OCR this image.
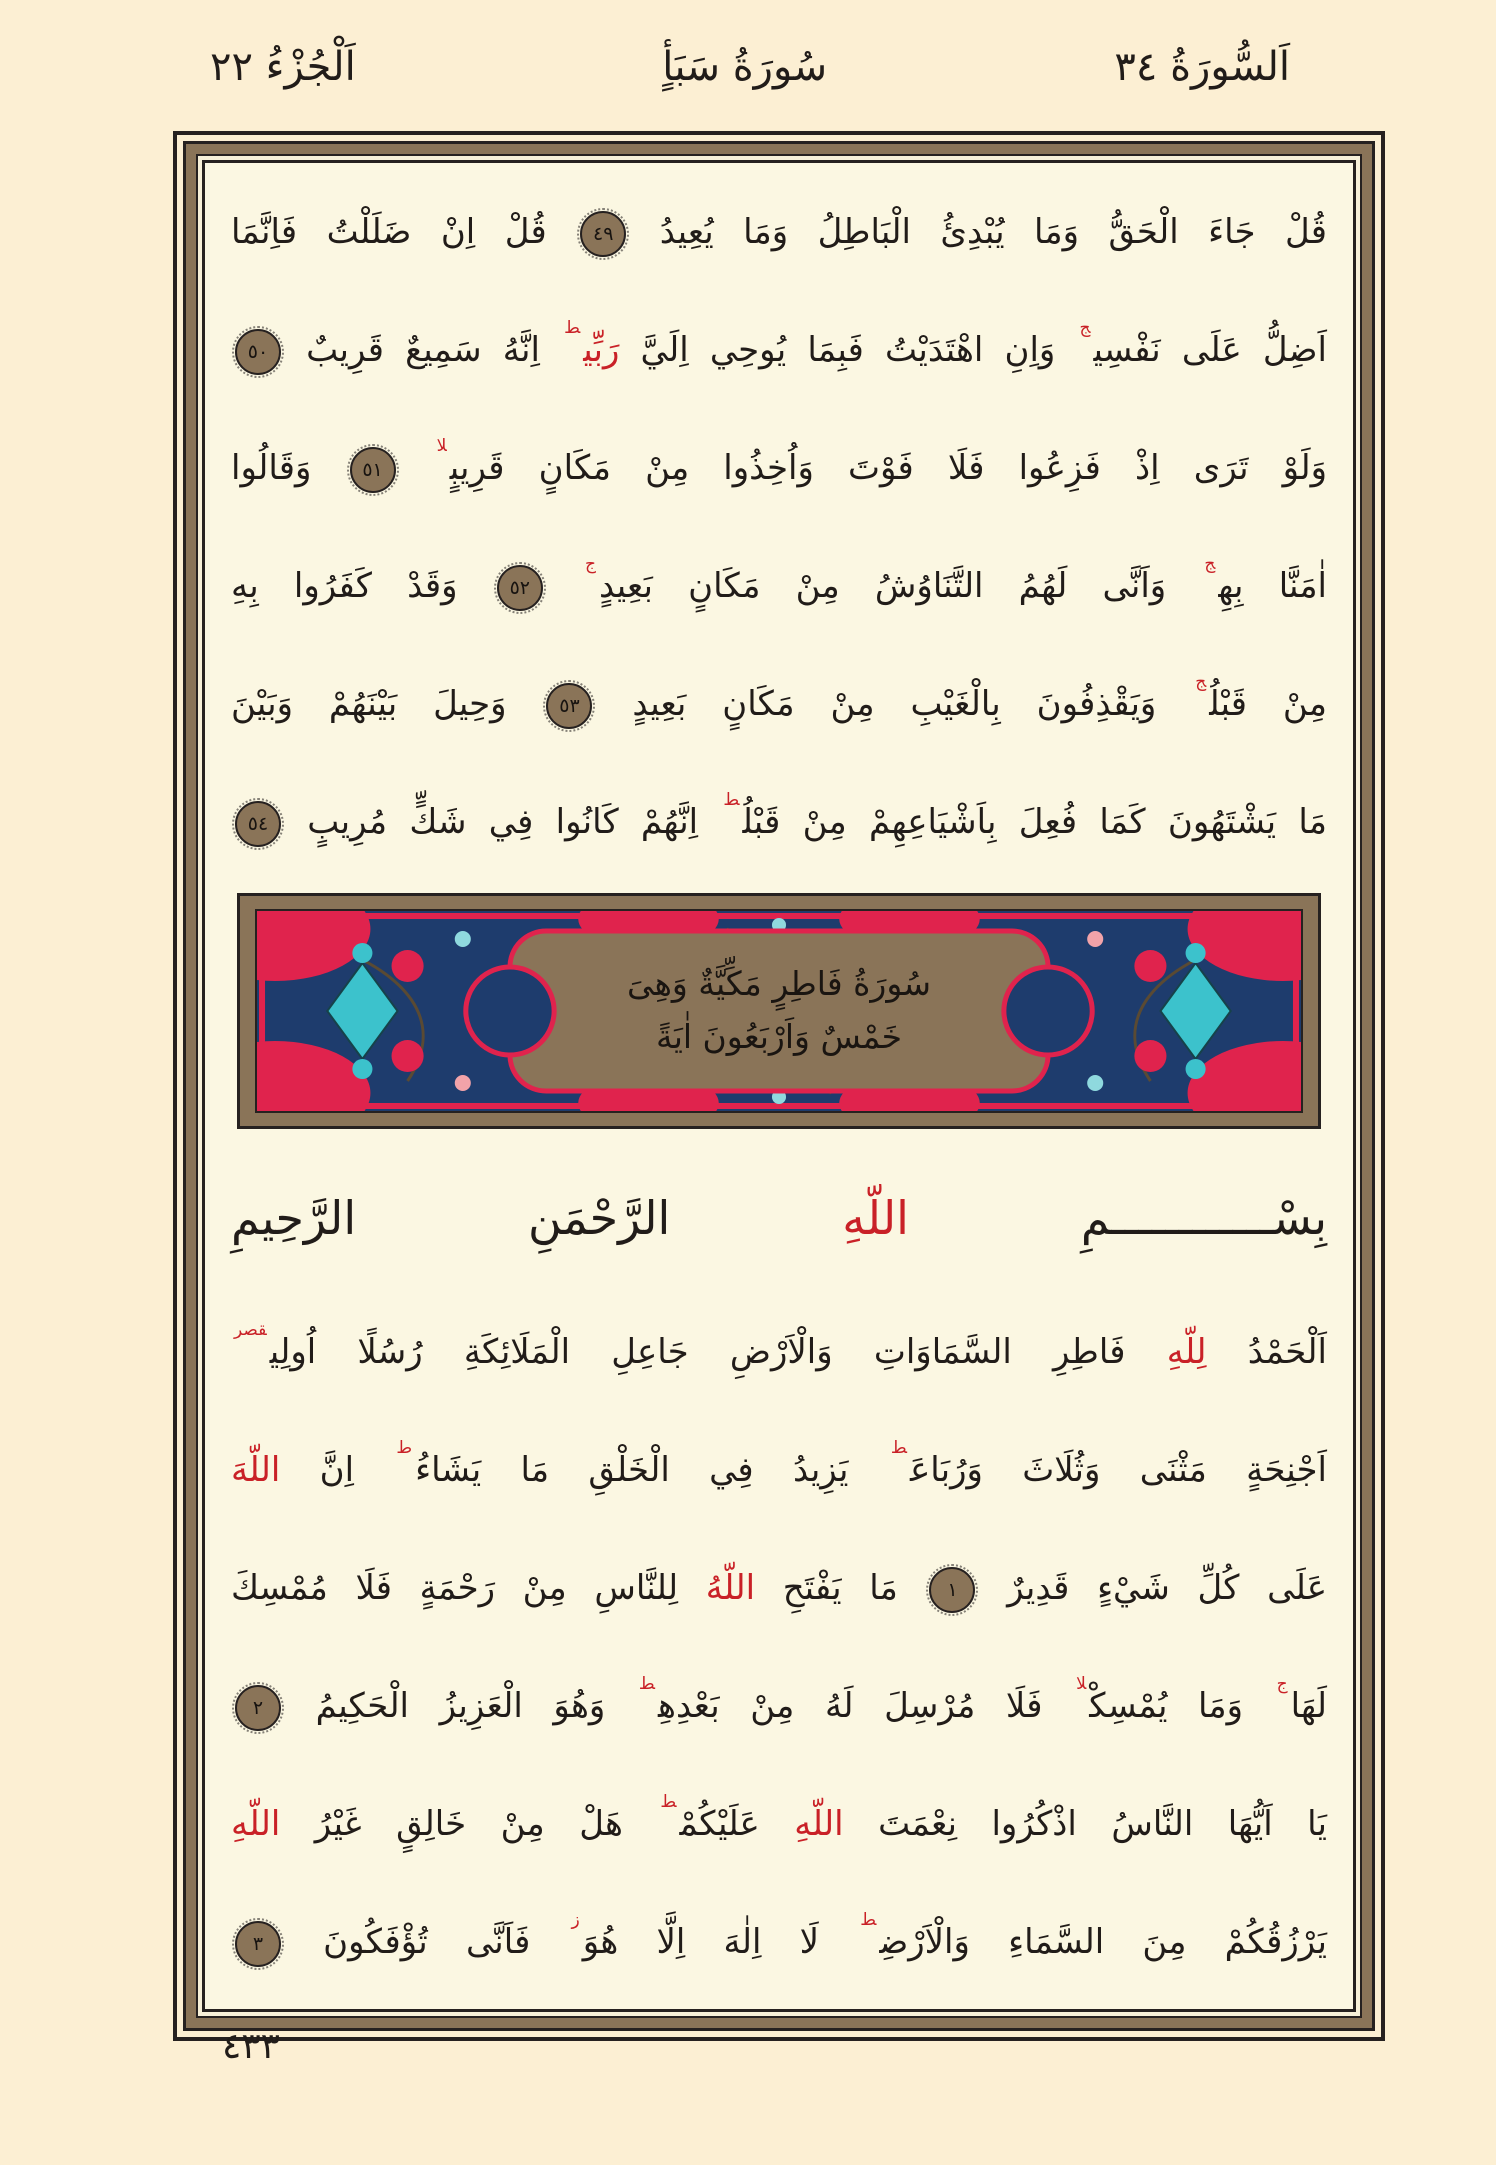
اَلسُّورَةُ ٣٤
سُورَةُ سَبَأٍ
اَلْجُزْءُ ٢٢
قُلْ جَاءَ الْحَقُّ وَمَا يُبْدِئُ الْبَاطِلُ وَمَا يُعِيدُ ٤٩ قُلْ اِنْ ضَلَلْتُ فَاِنَّمَا
اَضِلُّ عَلَى نَفْسِي$^ج$ وَاِنِ اهْتَدَيْتُ فَبِمَا يُوحِي اِلَيَّ رَبِّي$^ط$ اِنَّهُ سَمِيعٌ قَرِيبٌ ٥٠
وَلَوْ تَرَى اِذْ فَزِعُوا فَلَا فَوْتَ وَاُخِذُوا مِنْ مَكَانٍ قَرِيبٍ$^{لا}$ ٥١ وَقَالُوا
اٰمَنَّا بِهِ$^ج$ وَاَنَّى لَهُمُ التَّنَاوُشُ مِنْ مَكَانٍ بَعِيدٍ$^ج$ ٥٢ وَقَدْ كَفَرُوا بِهِ
مِنْ قَبْلُ$^ج$ وَيَقْذِفُونَ بِالْغَيْبِ مِنْ مَكَانٍ بَعِيدٍ ٥٣ وَحِيلَ بَيْنَهُمْ وَبَيْنَ
مَا يَشْتَهُونَ كَمَا فُعِلَ بِاَشْيَاعِهِمْ مِنْ قَبْلُ$^ط$ اِنَّهُمْ كَانُوا فِي شَكٍّ مُرِيبٍ ٥٤
سُورَةُ فَاطِرٍ مَكِّيَّةٌ وَهِىَ
خَمْسٌ وَاَرْبَعُونَ اٰيَةً
بِسْــــــــــــمِ اللّهِ الرَّحْمَنِ الرَّحِيمِ
اَلْحَمْدُ لِلّهِ فَاطِرِ السَّمَاوَاتِ وَالْاَرْضِ جَاعِلِ الْمَلَائِكَةِ رُسُلًا اُولِي$^{قصر}$
اَجْنِحَةٍ مَثْنَى وَثُلَاثَ وَرُبَاعَ$^ط$ يَزِيدُ فِي الْخَلْقِ مَا يَشَاءُ$^ط$ اِنَّ اللّهَ
عَلَى كُلِّ شَيْءٍ قَدِيرٌ ١ مَا يَفْتَحِ اللّهُ لِلنَّاسِ مِنْ رَحْمَةٍ فَلَا مُمْسِكَ
لَهَا$^ج$ وَمَا يُمْسِكْ$^{لا}$ فَلَا مُرْسِلَ لَهُ مِنْ بَعْدِهِ$^ط$ وَهُوَ الْعَزِيزُ الْحَكِيمُ ٢
يَا اَيُّهَا النَّاسُ اذْكُرُوا نِعْمَتَ اللّهِ عَلَيْكُمْ$^ط$ هَلْ مِنْ خَالِقٍ غَيْرُ اللّهِ
يَرْزُقُكُمْ مِنَ السَّمَاءِ وَالْاَرْضِ$^ط$ لَا اِلٰهَ اِلَّا هُوَ$^ز$ فَاَنَّى تُؤْفَكُونَ ٣
٤٣٣
